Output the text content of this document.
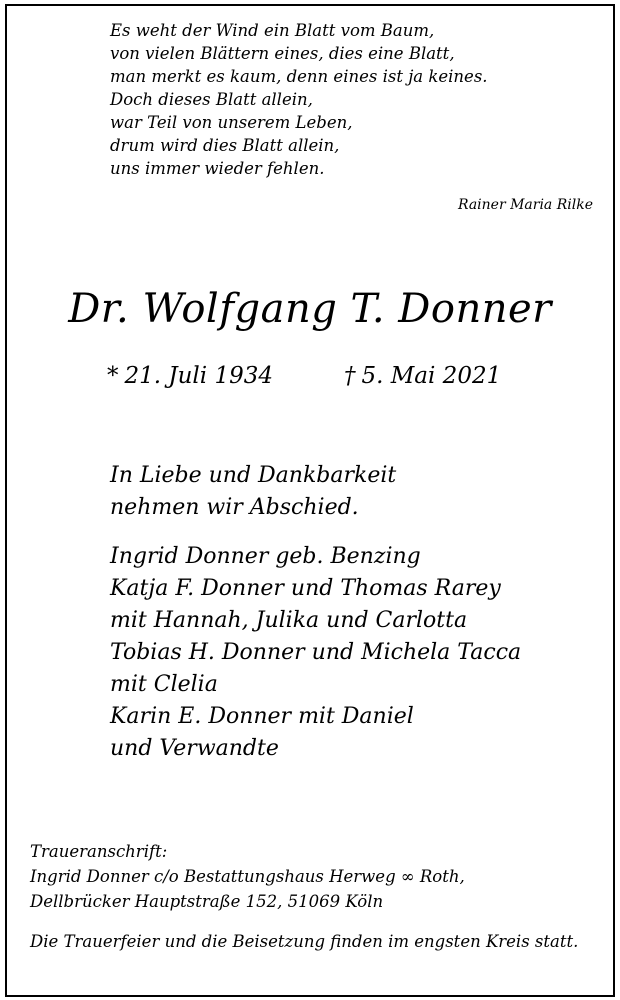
Es weht der Wind ein Blatt vom Baum,
von vielen Blättern eines, dies eine Blatt,
man merkt es kaum, denn eines ist ja keines.
Doch dieses Blatt allein,
war Teil von unserem Leben,
drum wird dies Blatt allein,
uns immer wieder fehlen.
Rainer Maria Rilke
Dr. Wolfgang T. Donner
* 21. Juli 1934	† 5. Mai 2021
In Liebe und Dankbarkeit
nehmen wir Abschied.
Ingrid Donner geb. Benzing
Katja F. Donner und Thomas Rarey
mit Hannah, Julika und Carlotta
Tobias H. Donner und Michela Tacca
mit Clelia
Karin E. Donner mit Daniel
und Verwandte
Traueranschrift:
Ingrid Donner c/o Bestattungshaus Herweg ∞ Roth,
Dellbrücker Hauptstraße 152, 51069 Köln
Die Trauerfeier und die Beisetzung finden im engsten Kreis statt.
